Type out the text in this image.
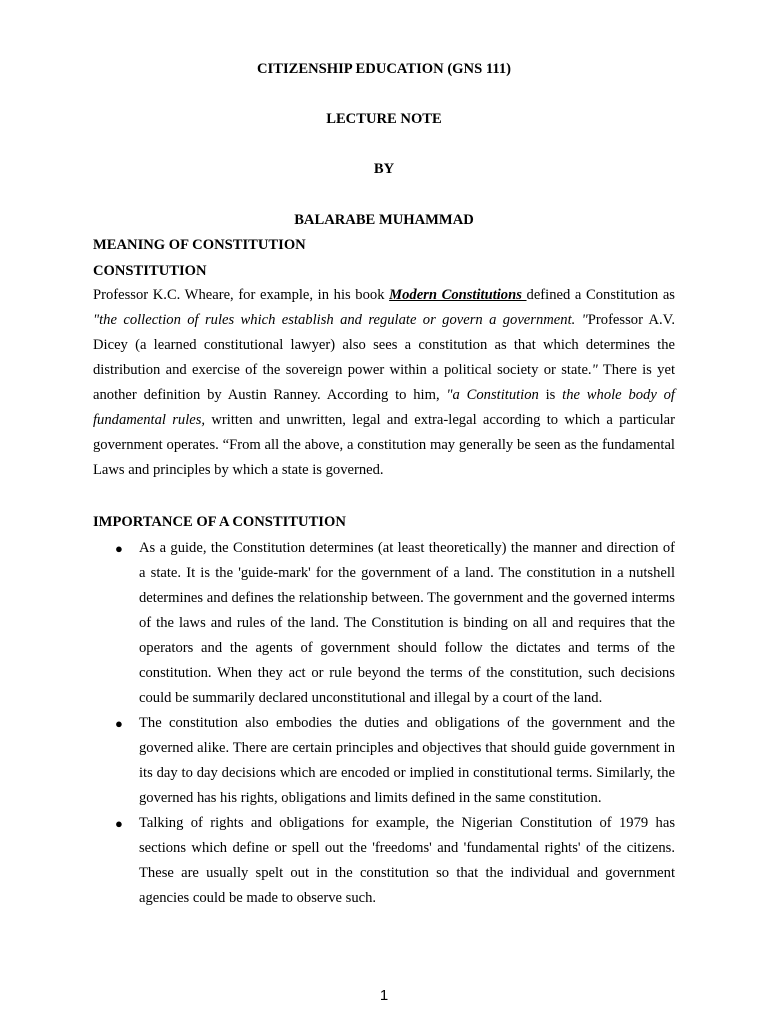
CITIZENSHIP EDUCATION (GNS 111)
LECTURE NOTE
BY
BALARABE MUHAMMAD
MEANING OF CONSTITUTION
CONSTITUTION

Professor K.C. Wheare, for example, in his book Modern Constitutions defined a Constitution as "the collection of rules which establish and regulate or govern a government. "Professor A.V. Dicey (a learned constitutional lawyer) also sees a constitution as that which determines the distribution and exercise of the sovereign power within a political society or state." There is yet another definition by Austin Ranney. According to him, "a Constitution is the whole body of fundamental rules, written and unwritten, legal and extra-legal according to which a particular government operates. “From all the above, a constitution may generally be seen as the fundamental Laws and principles by which a state is governed.

IMPORTANCE OF A CONSTITUTION
● As a guide, the Constitution determines (at least theoretically) the manner and direction of a state. It is the 'guide-mark' for the government of a land. The constitution in a nutshell determines and defines the relationship between. The government and the governed interms of the laws and rules of the land. The Constitution is binding on all and requires that the operators and the agents of government should follow the dictates and terms of the constitution. When they act or rule beyond the terms of the constitution, such decisions could be summarily declared unconstitutional and illegal by a court of the land.
● The constitution also embodies the duties and obligations of the government and the governed alike. There are certain principles and objectives that should guide government in its day to day decisions which are encoded or implied in constitutional terms. Similarly, the governed has his rights, obligations and limits defined in the same constitution.
● Talking of rights and obligations for example, the Nigerian Constitution of 1979 has sections which define or spell out the 'freedoms' and 'fundamental rights' of the citizens. These are usually spelt out in the constitution so that the individual and government agencies could be made to observe such.
1
